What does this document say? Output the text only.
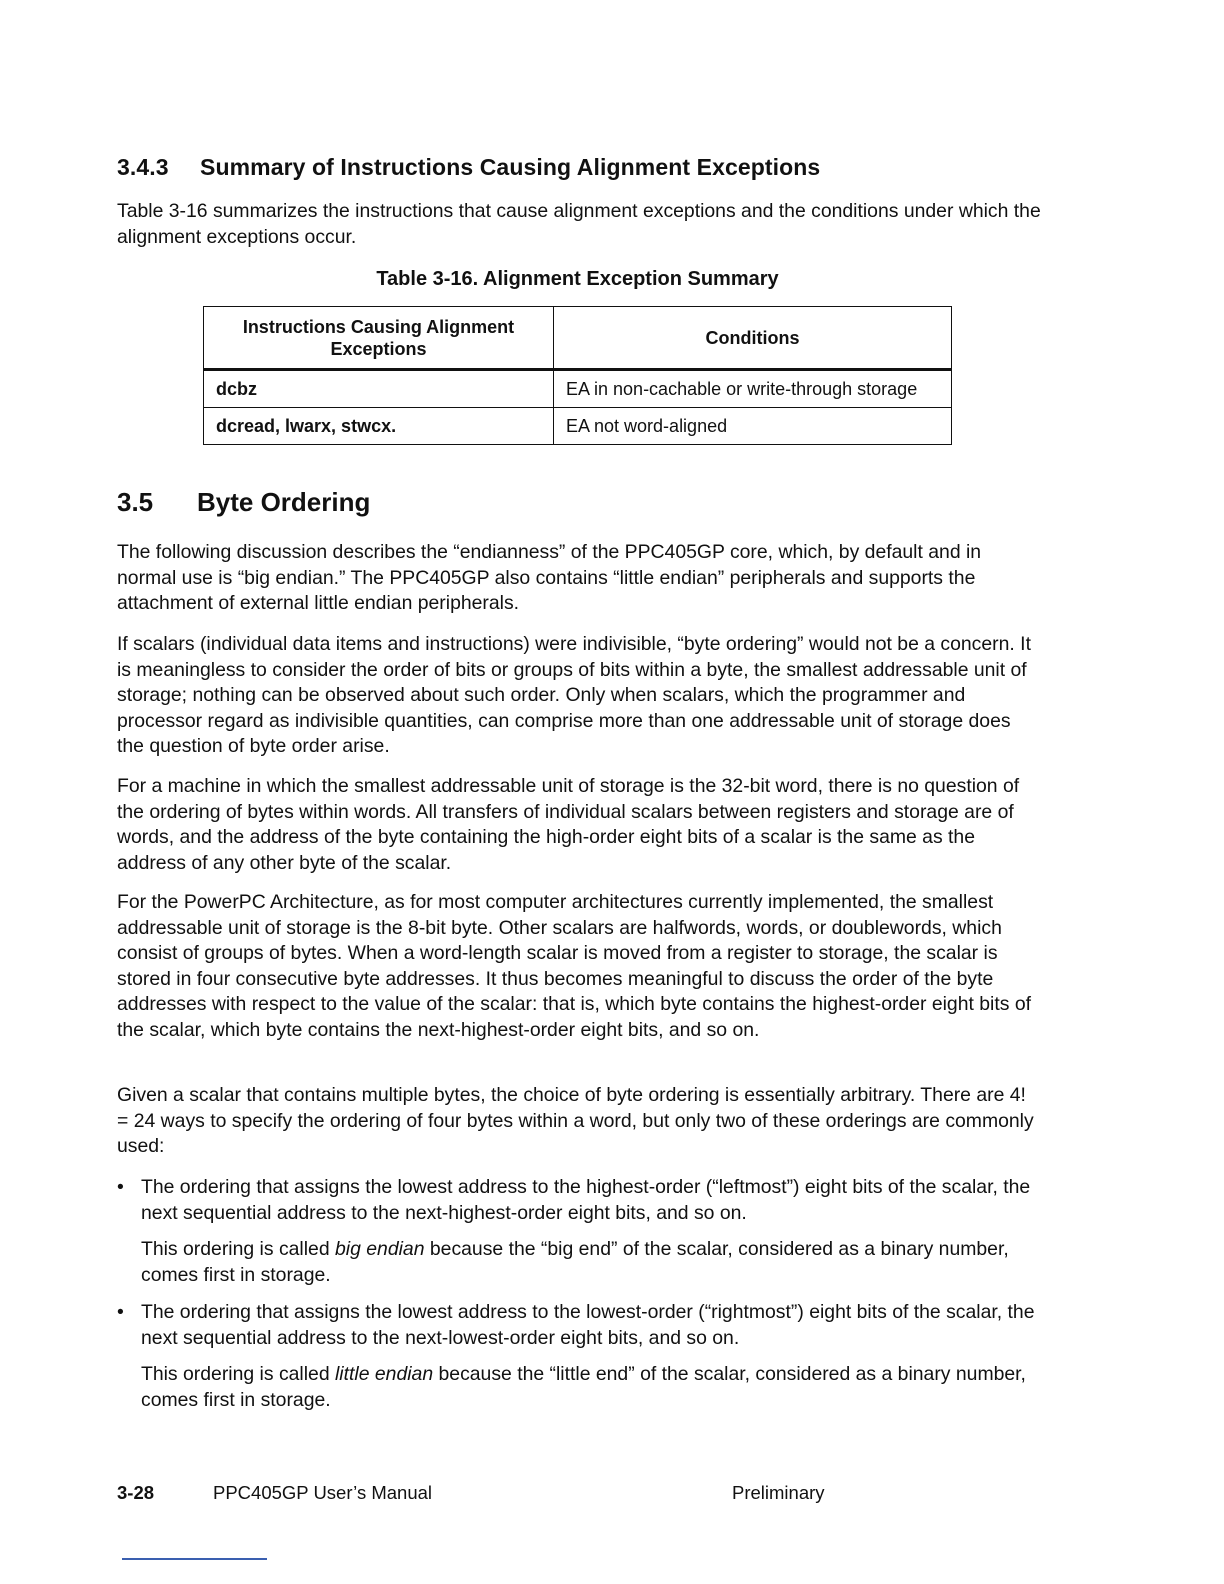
3.4.3 Summary of Instructions Causing Alignment Exceptions

Table 3-16 summarizes the instructions that cause alignment exceptions and the conditions under which the alignment exceptions occur.

Table 3-16. Alignment Exception Summary

Instructions Causing Alignment Exceptions	Conditions
dcbz	EA in non-cachable or write-through storage
dcread, lwarx, stwcx.	EA not word-aligned
3.5 Byte Ordering

The following discussion describes the “endianness” of the PPC405GP core, which, by default and in normal use is “big endian.” The PPC405GP also contains “little endian” peripherals and supports the attachment of external little endian peripherals.

If scalars (individual data items and instructions) were indivisible, “byte ordering” would not be a concern. It is meaningless to consider the order of bits or groups of bits within a byte, the smallest addressable unit of storage; nothing can be observed about such order. Only when scalars, which the programmer and processor regard as indivisible quantities, can comprise more than one addressable unit of storage does the question of byte order arise.

For a machine in which the smallest addressable unit of storage is the 32-bit word, there is no question of the ordering of bytes within words. All transfers of individual scalars between registers and storage are of words, and the address of the byte containing the high-order eight bits of a scalar is the same as the address of any other byte of the scalar.

For the PowerPC Architecture, as for most computer architectures currently implemented, the smallest addressable unit of storage is the 8-bit byte. Other scalars are halfwords, words, or doublewords, which consist of groups of bytes. When a word-length scalar is moved from a register to storage, the scalar is stored in four consecutive byte addresses. It thus becomes meaningful to discuss the order of the byte addresses with respect to the value of the scalar: that is, which byte contains the highest-order eight bits of the scalar, which byte contains the next-highest-order eight bits, and so on.

Given a scalar that contains multiple bytes, the choice of byte ordering is essentially arbitrary. There are 4! = 24 ways to specify the ordering of four bytes within a word, but only two of these orderings are commonly used:

• The ordering that assigns the lowest address to the highest-order (“leftmost”) eight bits of the scalar, the next sequential address to the next-highest-order eight bits, and so on.

This ordering is called big endian because the “big end” of the scalar, considered as a binary number, comes first in storage.

• The ordering that assigns the lowest address to the lowest-order (“rightmost”) eight bits of the scalar, the next sequential address to the next-lowest-order eight bits, and so on.

This ordering is called little endian because the “little end” of the scalar, considered as a binary number, comes first in storage.

3-28	PPC405GP User’s Manual	Preliminary
